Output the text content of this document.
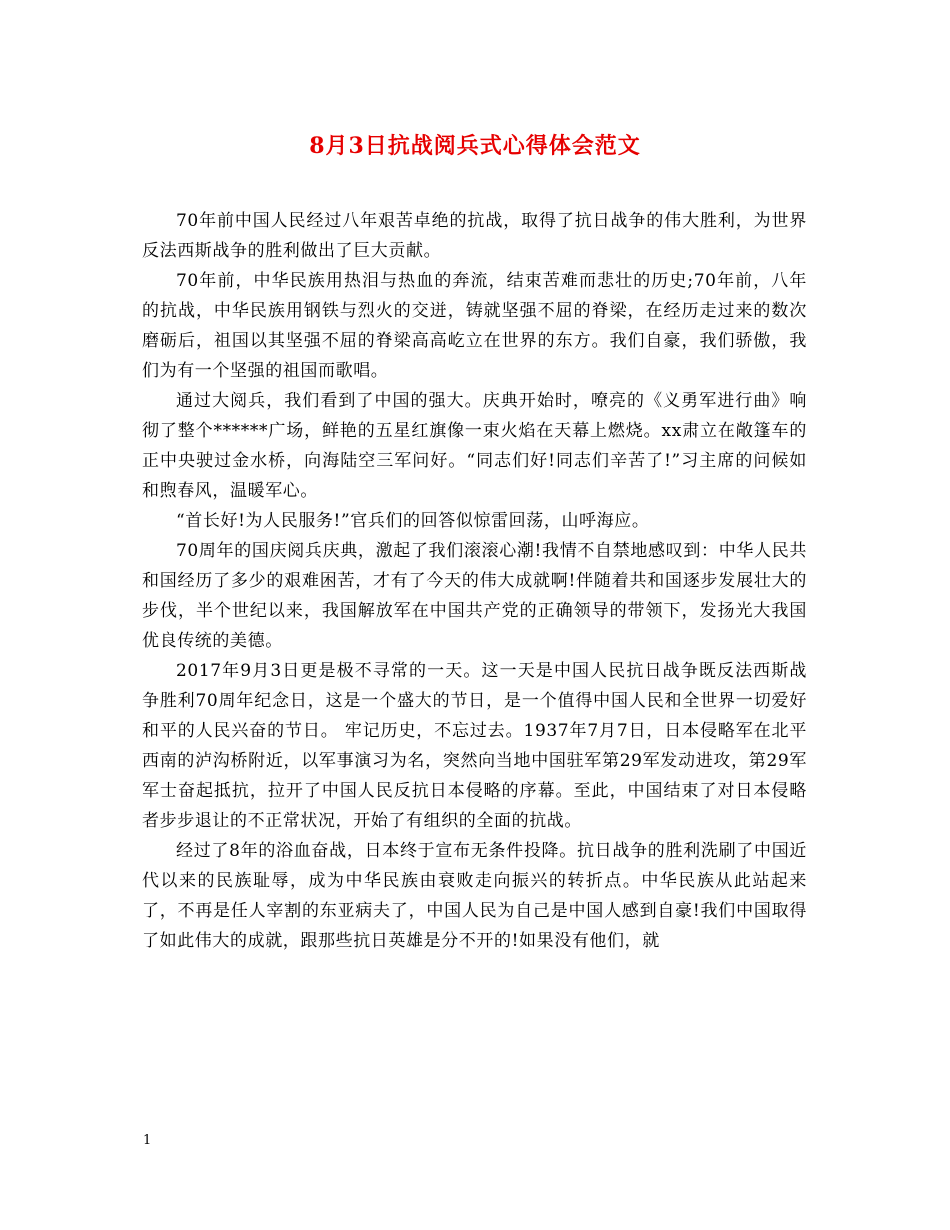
8月3日抗战阅兵式心得体会范文

70年前中国人民经过八年艰苦卓绝的抗战，取得了抗日战争的伟大胜利，为世界反法西斯战争的胜利做出了巨大贡献。

70年前，中华民族用热泪与热血的奔流，结束苦难而悲壮的历史;70年前，八年的抗战，中华民族用钢铁与烈火的交迸，铸就坚强不屈的脊梁，在经历走过来的数次磨砺后，祖国以其坚强不屈的脊梁高高屹立在世界的东方。我们自豪，我们骄傲，我们为有一个坚强的祖国而歌唱。

通过大阅兵，我们看到了中国的强大。庆典开始时，嘹亮的《义勇军进行曲》响彻了整个******广场，鲜艳的五星红旗像一束火焰在天幕上燃烧。xx肃立在敞篷车的正中央驶过金水桥，向海陆空三军问好。“同志们好!同志们辛苦了!”习主席的问候如和煦春风，温暖军心。

“首长好!为人民服务!”官兵们的回答似惊雷回荡，山呼海应。

70周年的国庆阅兵庆典，激起了我们滚滚心潮!我情不自禁地感叹到：中华人民共和国经历了多少的艰难困苦，才有了今天的伟大成就啊!伴随着共和国逐步发展壮大的步伐，半个世纪以来，我国解放军在中国共产党的正确领导的带领下，发扬光大我国优良传统的美德。

2017年9月3日更是极不寻常的一天。这一天是中国人民抗日战争既反法西斯战争胜利70周年纪念日，这是一个盛大的节日，是一个值得中国人民和全世界一切爱好和平的人民兴奋的节日。 牢记历史，不忘过去。1937年7月7日，日本侵略军在北平西南的泸沟桥附近，以军事演习为名，突然向当地中国驻军第29军发动进攻，第29军军士奋起抵抗，拉开了中国人民反抗日本侵略的序幕。至此，中国结束了对日本侵略者步步退让的不正常状况，开始了有组织的全面的抗战。

经过了8年的浴血奋战，日本终于宣布无条件投降。抗日战争的胜利洗刷了中国近代以来的民族耻辱，成为中华民族由衰败走向振兴的转折点。中华民族从此站起来了，不再是任人宰割的东亚病夫了，中国人民为自己是中国人感到自豪!我们中国取得了如此伟大的成就，跟那些抗日英雄是分不开的!如果没有他们，就

1
